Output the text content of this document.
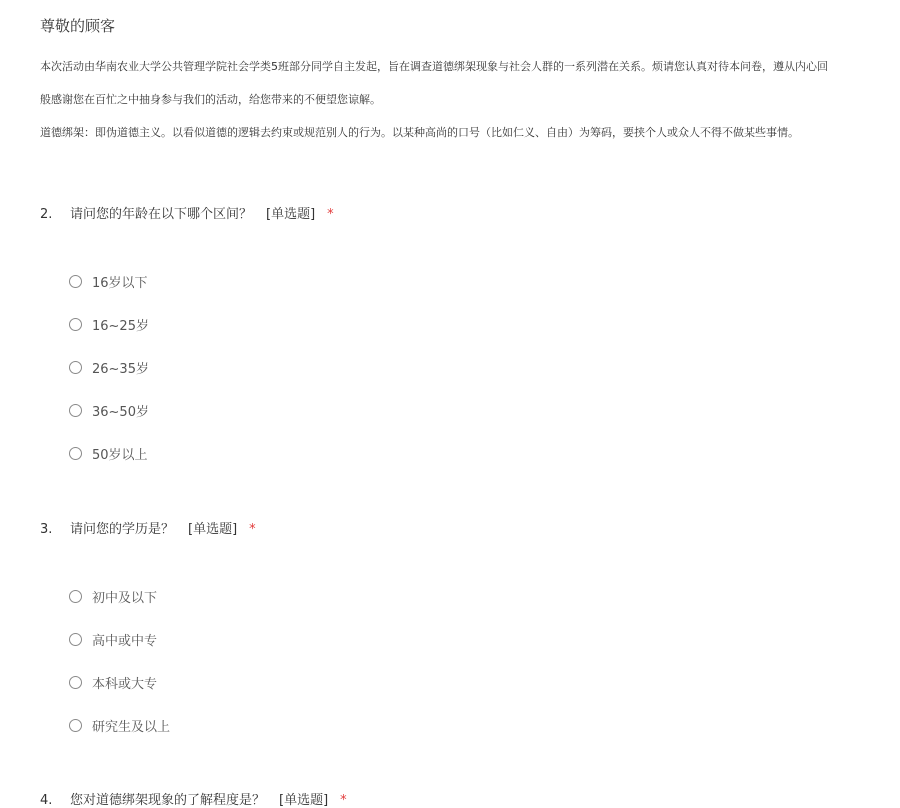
尊敬的顾客
本次活动由华南农业大学公共管理学院社会学类5班部分同学自主发起，旨在调查道德绑架现象与社会人群的一系列潜在关系。烦请您认真对待本问卷，遵从内心回
般感谢您在百忙之中抽身参与我们的活动，给您带来的不便望您谅解。
道德绑架：即伪道德主义。以看似道德的逻辑去约束或规范别人的行为。以某种高尚的口号（比如仁义、自由）为筹码，要挟个人或众人不得不做某些事情。
2. 请问您的年龄在以下哪个区间？ [单选题] *
16岁以下
16~25岁
26~35岁
36~50岁
50岁以上
3. 请问您的学历是？ [单选题] *
初中及以下
高中或中专
本科或大专
研究生及以上
4. 您对道德绑架现象的了解程度是？ [单选题] *
